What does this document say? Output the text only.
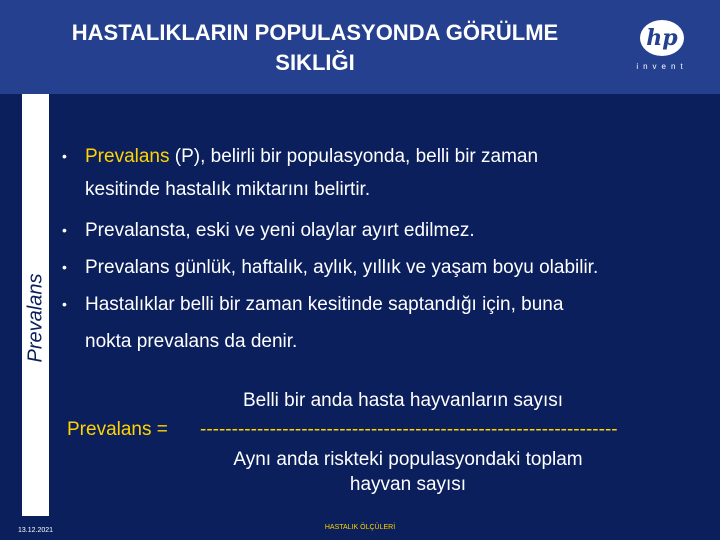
HASTALIKLARIN POPULASYONDA GÖRÜLME SIKLIĞI
hp
invent
Prevalans
• Prevalans (P), belirli bir populasyonda, belli bir zaman
kesitinde hastalık miktarını belirtir.
• Prevalansta, eski ve yeni olaylar ayırt edilmez.
• Prevalans günlük, haftalık, aylık, yıllık ve yaşam boyu olabilir.
• Hastalıklar belli bir zaman kesitinde saptandığı için, buna
nokta prevalans da denir.
Belli bir anda hasta hayvanların sayısı
Prevalans = ------------------------------------------------------------------
Aynı anda riskteki populasyondaki toplam hayvan sayısı
13.12.2021	HASTALIK ÖLÇÜLERİ
